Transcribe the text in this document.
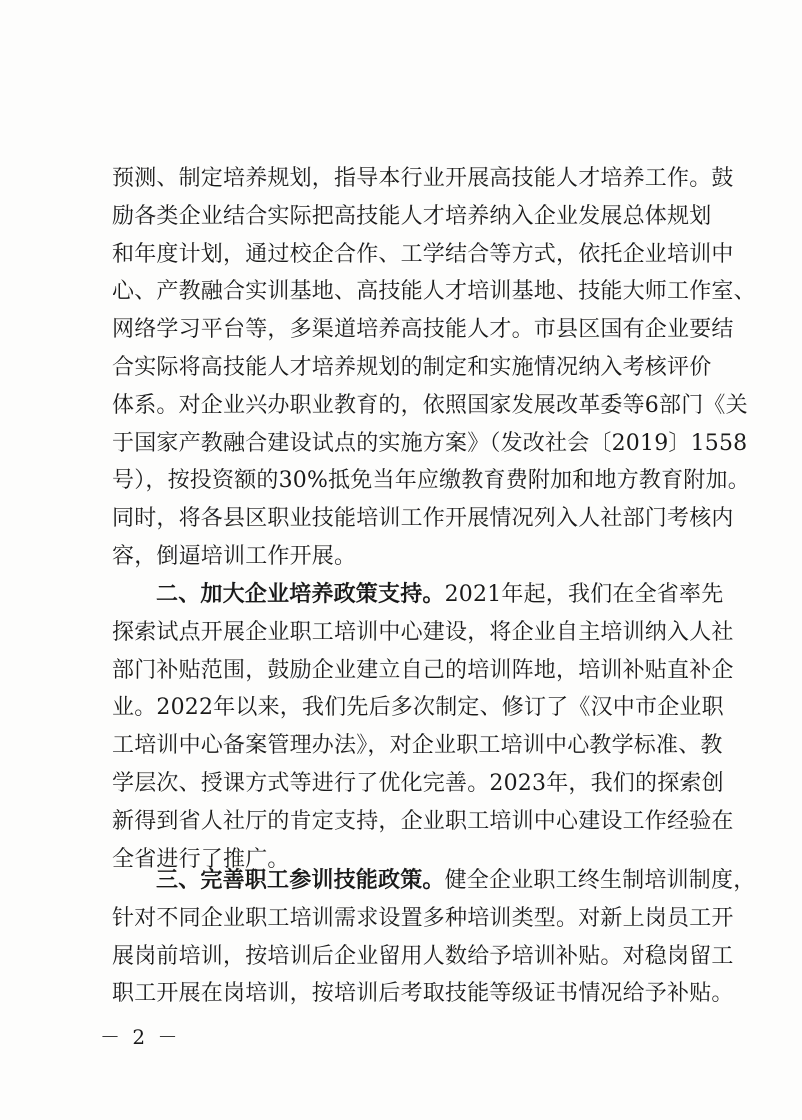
预测、制定培养规划，指导本行业开展高技能人才培养工作。鼓
励各类企业结合实际把高技能人才培养纳入企业发展总体规划
和年度计划，通过校企合作、工学结合等方式，依托企业培训中
心、产教融合实训基地、高技能人才培训基地、技能大师工作室、
网络学习平台等，多渠道培养高技能人才。市县区国有企业要结
合实际将高技能人才培养规划的制定和实施情况纳入考核评价
体系。对企业兴办职业教育的，依照国家发展改革委等6部门《关
于国家产教融合建设试点的实施方案》（发改社会〔2019〕1558
号），按投资额的30%抵免当年应缴教育费附加和地方教育附加。
同时，将各县区职业技能培训工作开展情况列入人社部门考核内
容，倒逼培训工作开展。
二、加大企业培养政策支持。2021年起，我们在全省率先
探索试点开展企业职工培训中心建设，将企业自主培训纳入人社
部门补贴范围，鼓励企业建立自己的培训阵地，培训补贴直补企
业。2022年以来，我们先后多次制定、修订了《汉中市企业职
工培训中心备案管理办法》，对企业职工培训中心教学标准、教
学层次、授课方式等进行了优化完善。2023年，我们的探索创
新得到省人社厅的肯定支持，企业职工培训中心建设工作经验在
全省进行了推广。
三、完善职工参训技能政策。健全企业职工终生制培训制度，
针对不同企业职工培训需求设置多种培训类型。对新上岗员工开
展岗前培训，按培训后企业留用人数给予培训补贴。对稳岗留工
职工开展在岗培训，按培训后考取技能等级证书情况给予补贴。
－ 2 －
